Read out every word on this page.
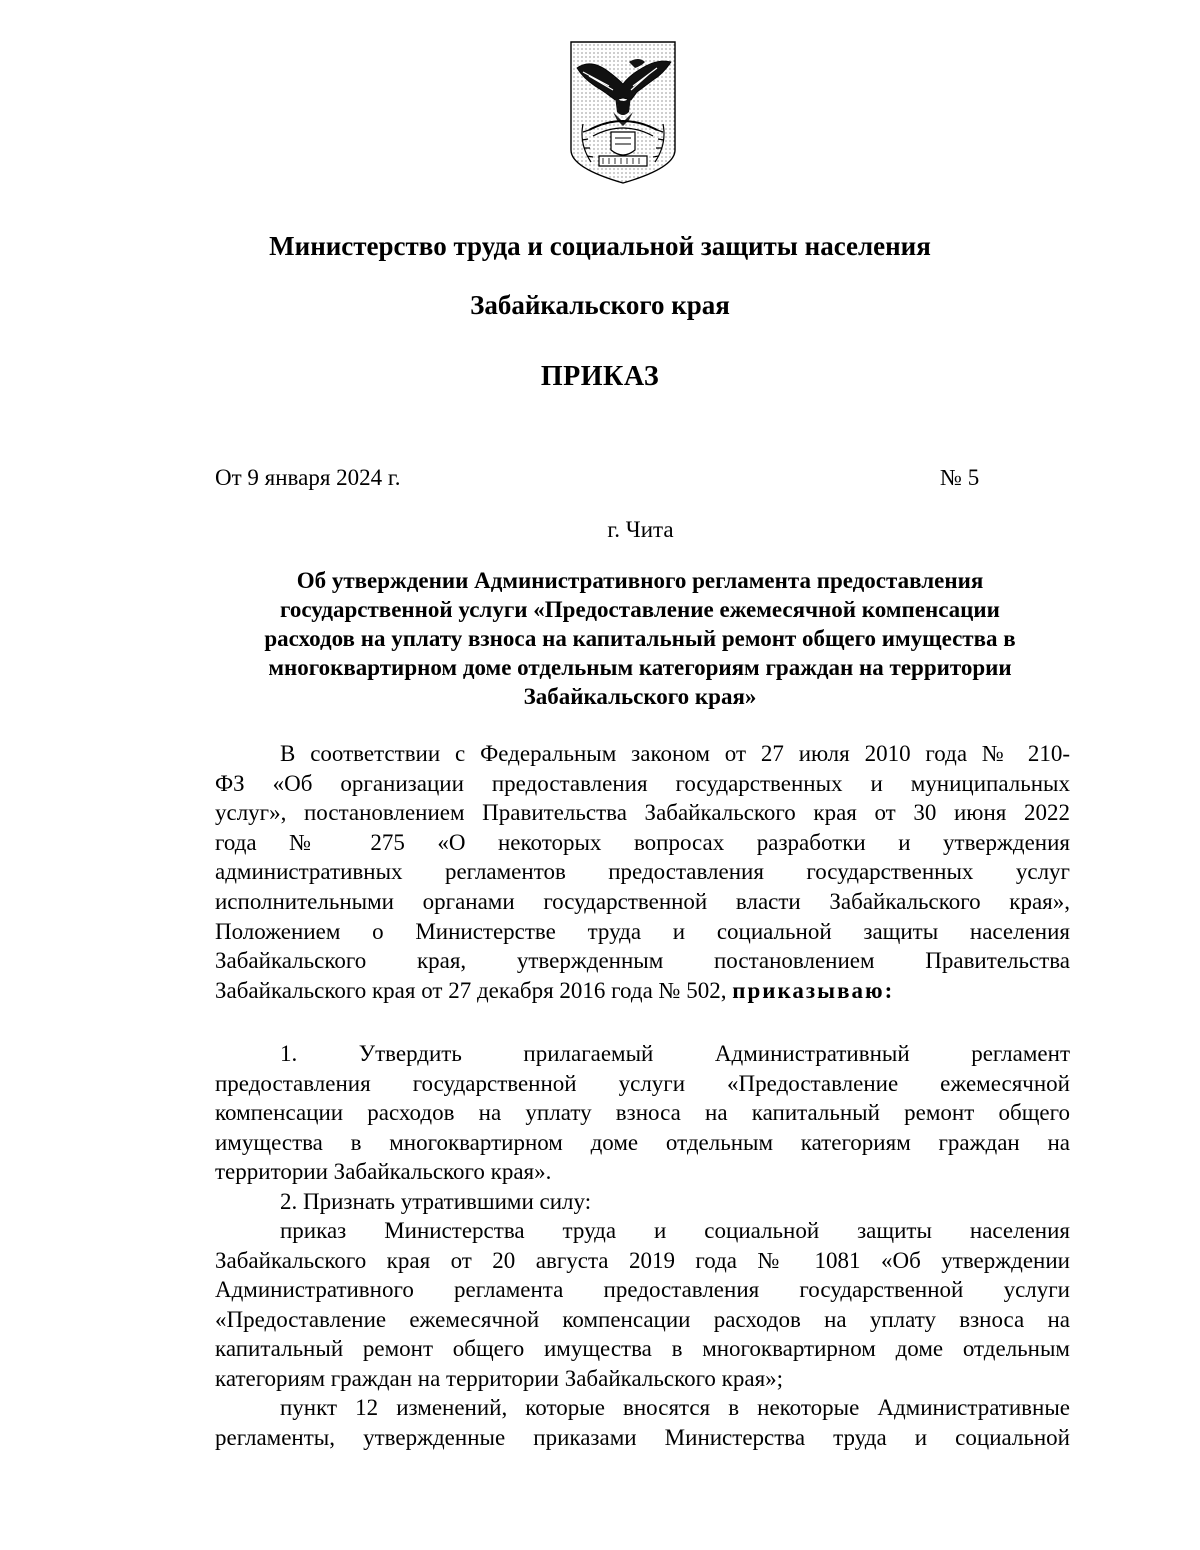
Министерство труда и социальной защиты населения
Забайкальского края
ПРИКАЗ
От 9 января 2024 г.	№ 5
г. Чита
Об утверждении Административного регламента предоставления
государственной услуги «Предоставление ежемесячной компенсации
расходов на уплату взноса на капитальный ремонт общего имущества в
многоквартирном доме отдельным категориям граждан на территории
Забайкальского края»
В соответствии с Федеральным законом от 27 июля 2010 года № 210-
ФЗ «Об организации предоставления государственных и муниципальных
услуг», постановлением Правительства Забайкальского края от 30 июня 2022
года № 275 «О некоторых вопросах разработки и утверждения
административных регламентов предоставления государственных услуг
исполнительными органами государственной власти Забайкальского края»,
Положением о Министерстве труда и социальной защиты населения
Забайкальского края, утвержденным постановлением Правительства
Забайкальского края от 27 декабря 2016 года № 502, приказываю:
1. Утвердить прилагаемый Административный регламент
предоставления государственной услуги «Предоставление ежемесячной
компенсации расходов на уплату взноса на капитальный ремонт общего
имущества в многоквартирном доме отдельным категориям граждан на
территории Забайкальского края».
2. Признать утратившими силу:
приказ Министерства труда и социальной защиты населения
Забайкальского края от 20 августа 2019 года № 1081 «Об утверждении
Административного регламента предоставления государственной услуги
«Предоставление ежемесячной компенсации расходов на уплату взноса на
капитальный ремонт общего имущества в многоквартирном доме отдельным
категориям граждан на территории Забайкальского края»;
пункт 12 изменений, которые вносятся в некоторые Административные
регламенты, утвержденные приказами Министерства труда и социальной
